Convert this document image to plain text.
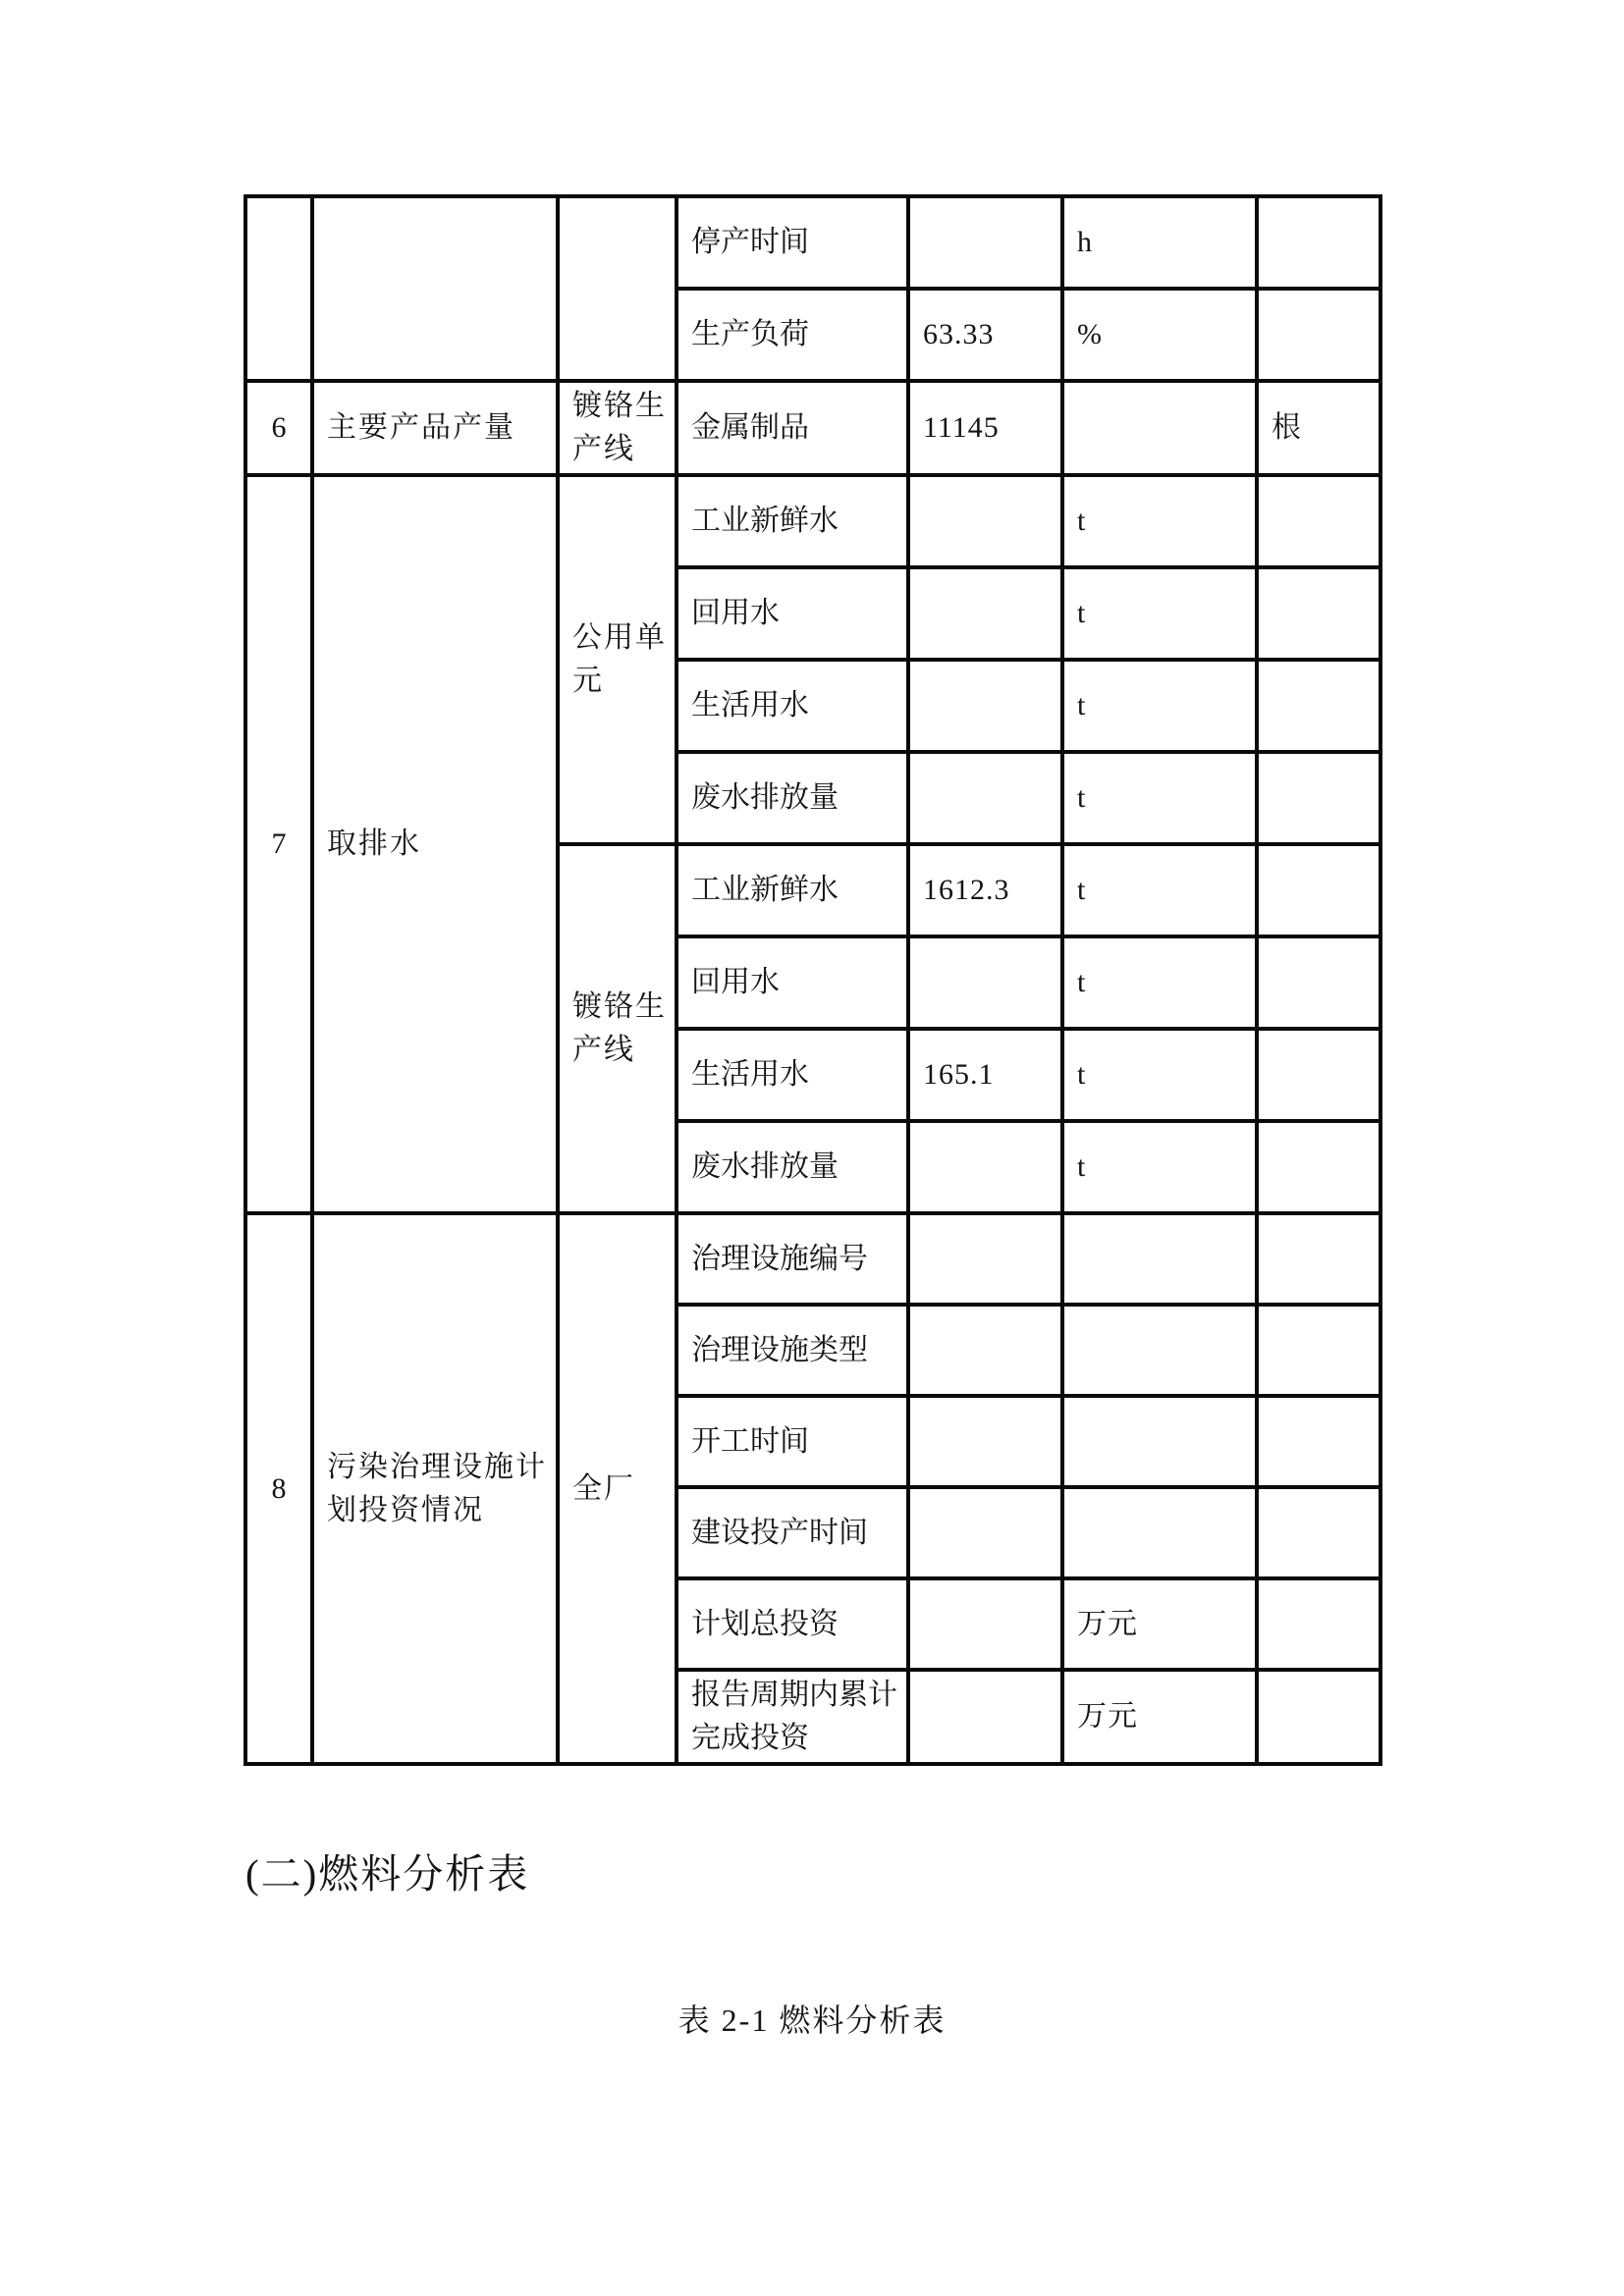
			停产时间		h	
			生产负荷	63.33	%	
6	主要产品产量	镀铬生产线	金属制品	11145		根
7	取排水	公用单元	工业新鲜水		t	
			回用水		t	
			生活用水		t	
			废水排放量		t	
		镀铬生产线	工业新鲜水	1612.3	t	
			回用水		t	
			生活用水	165.1	t	
			废水排放量		t	
8	污染治理设施计划投资情况	全厂	治理设施编号			
			治理设施类型			
			开工时间			
			建设投产时间			
			计划总投资		万元	
			报告周期内累计完成投资		万元	
(二)燃料分析表
表 2-1 燃料分析表
